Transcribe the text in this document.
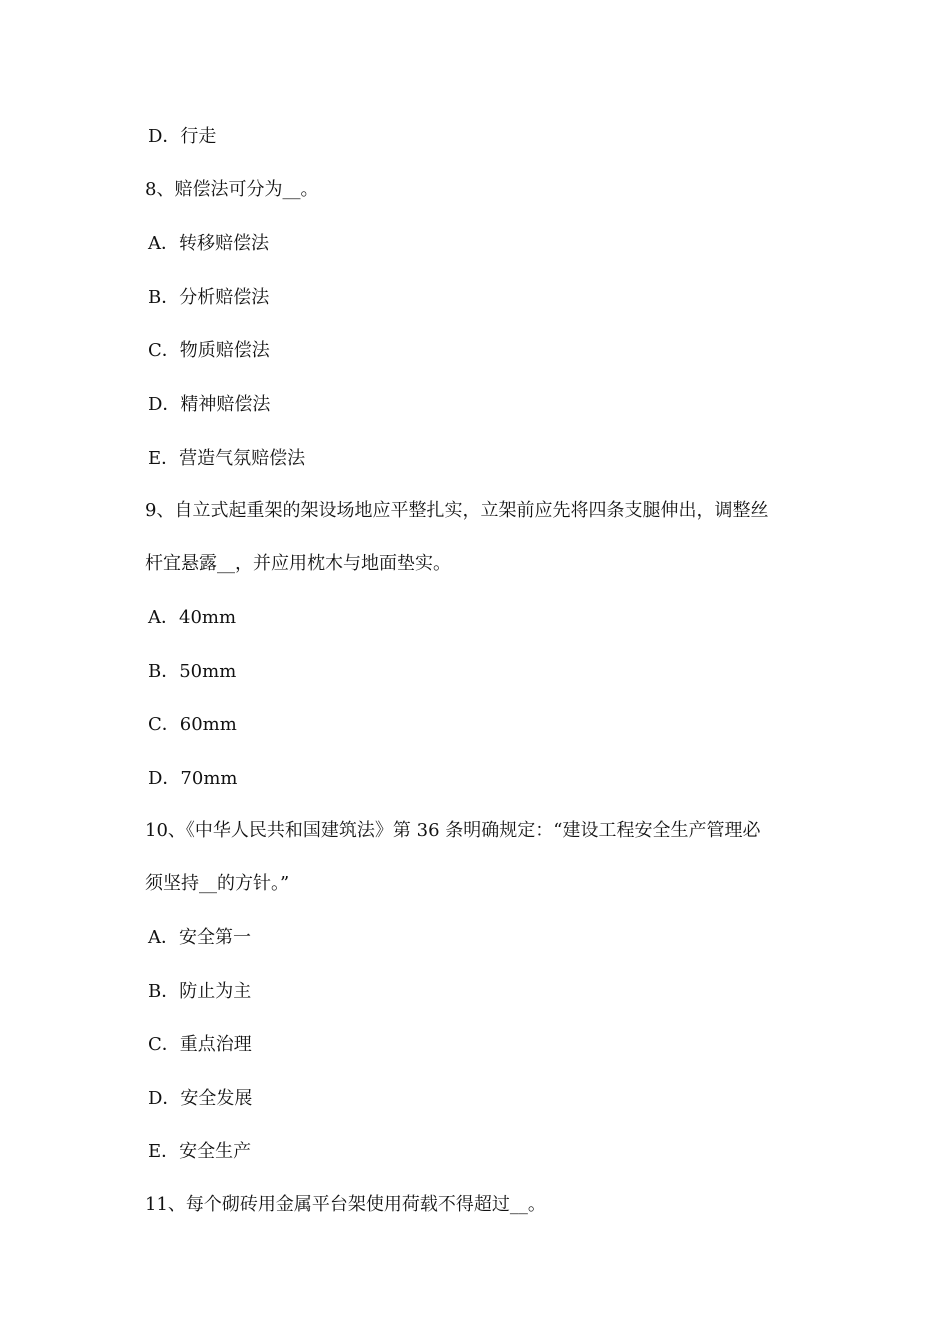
D．行走
8、赔偿法可分为__。
A．转移赔偿法
B．分析赔偿法
C．物质赔偿法
D．精神赔偿法
E．营造气氛赔偿法
9、自立式起重架的架设场地应平整扎实，立架前应先将四条支腿伸出，调整丝
杆宜悬露__，并应用枕木与地面垫实。
A．40mm
B．50mm
C．60mm
D．70mm
10、《中华人民共和国建筑法》第 36 条明确规定：“建设工程安全生产管理必
须坚持__的方针。”
A．安全第一
B．防止为主
C．重点治理
D．安全发展
E．安全生产
11、每个砌砖用金属平台架使用荷载不得超过__。
